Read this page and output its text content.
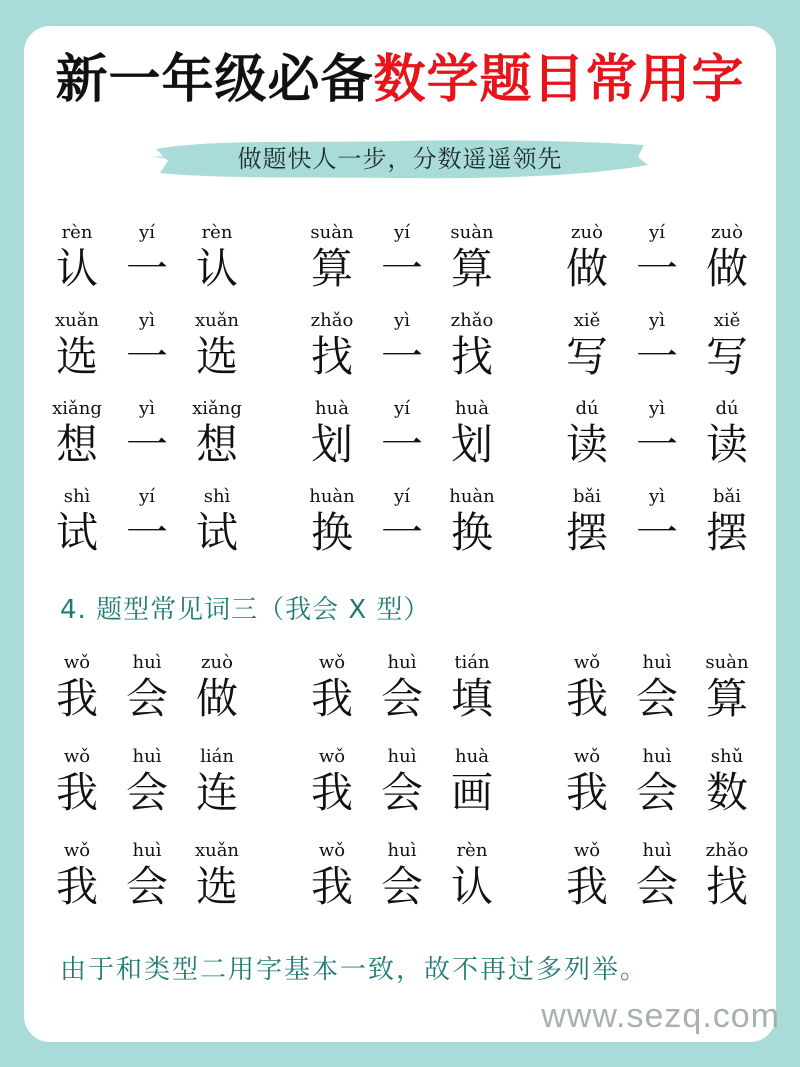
新一年级必备数学题目常用字
做题快人一步，分数遥遥领先
rèn
认
yí
一
rèn
认
suàn
算
yí
一
suàn
算
zuò
做
yí
一
zuò
做
xuǎn
选
yì
一
xuǎn
选
zhǎo
找
yì
一
zhǎo
找
xiě
写
yì
一
xiě
写
xiǎng
想
yì
一
xiǎng
想
huà
划
yí
一
huà
划
dú
读
yì
一
dú
读
shì
试
yí
一
shì
试
huàn
换
yí
一
huàn
换
bǎi
摆
yì
一
bǎi
摆
4. 题型常见词三（我会 X 型）
wǒ
我
huì
会
zuò
做
wǒ
我
huì
会
tián
填
wǒ
我
huì
会
suàn
算
wǒ
我
huì
会
lián
连
wǒ
我
huì
会
huà
画
wǒ
我
huì
会
shǔ
数
wǒ
我
huì
会
xuǎn
选
wǒ
我
huì
会
rèn
认
wǒ
我
huì
会
zhǎo
找
由于和类型二用字基本一致，故不再过多列举。
www.sezq.com
